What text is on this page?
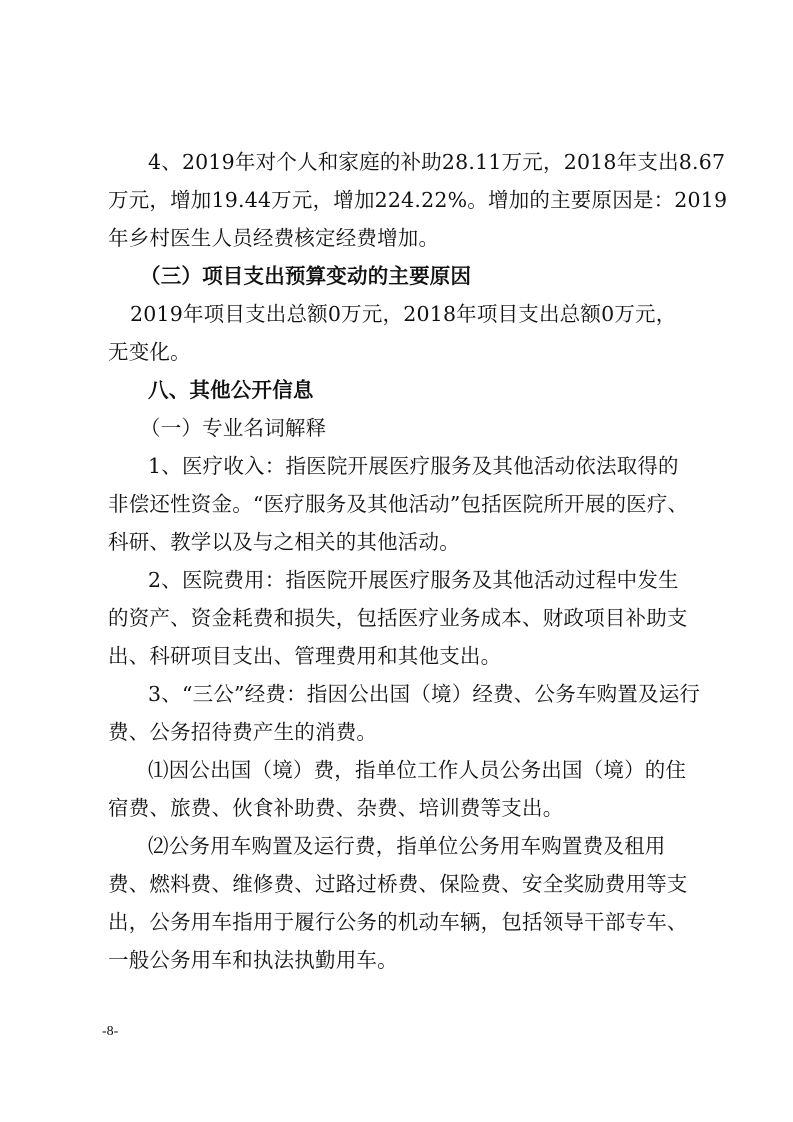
4、2019年对个人和家庭的补助28.11万元，2018年支出8.67
万元，增加19.44万元，增加224.22%。增加的主要原因是：2019
年乡村医生人员经费核定经费增加。
（三）项目支出预算变动的主要原因
2019年项目支出总额0万元，2018年项目支出总额0万元，
无变化。
八、其他公开信息
（一）专业名词解释
1、医疗收入：指医院开展医疗服务及其他活动依法取得的
非偿还性资金。“医疗服务及其他活动”包括医院所开展的医疗、
科研、教学以及与之相关的其他活动。
2、医院费用：指医院开展医疗服务及其他活动过程中发生
的资产、资金耗费和损失，包括医疗业务成本、财政项目补助支
出、科研项目支出、管理费用和其他支出。
3、“三公”经费：指因公出国（境）经费、公务车购置及运行
费、公务招待费产生的消费。
⑴因公出国（境）费，指单位工作人员公务出国（境）的住
宿费、旅费、伙食补助费、杂费、培训费等支出。
⑵公务用车购置及运行费，指单位公务用车购置费及租用
费、燃料费、维修费、过路过桥费、保险费、安全奖励费用等支
出，公务用车指用于履行公务的机动车辆，包括领导干部专车、
一般公务用车和执法执勤用车。
-8-
